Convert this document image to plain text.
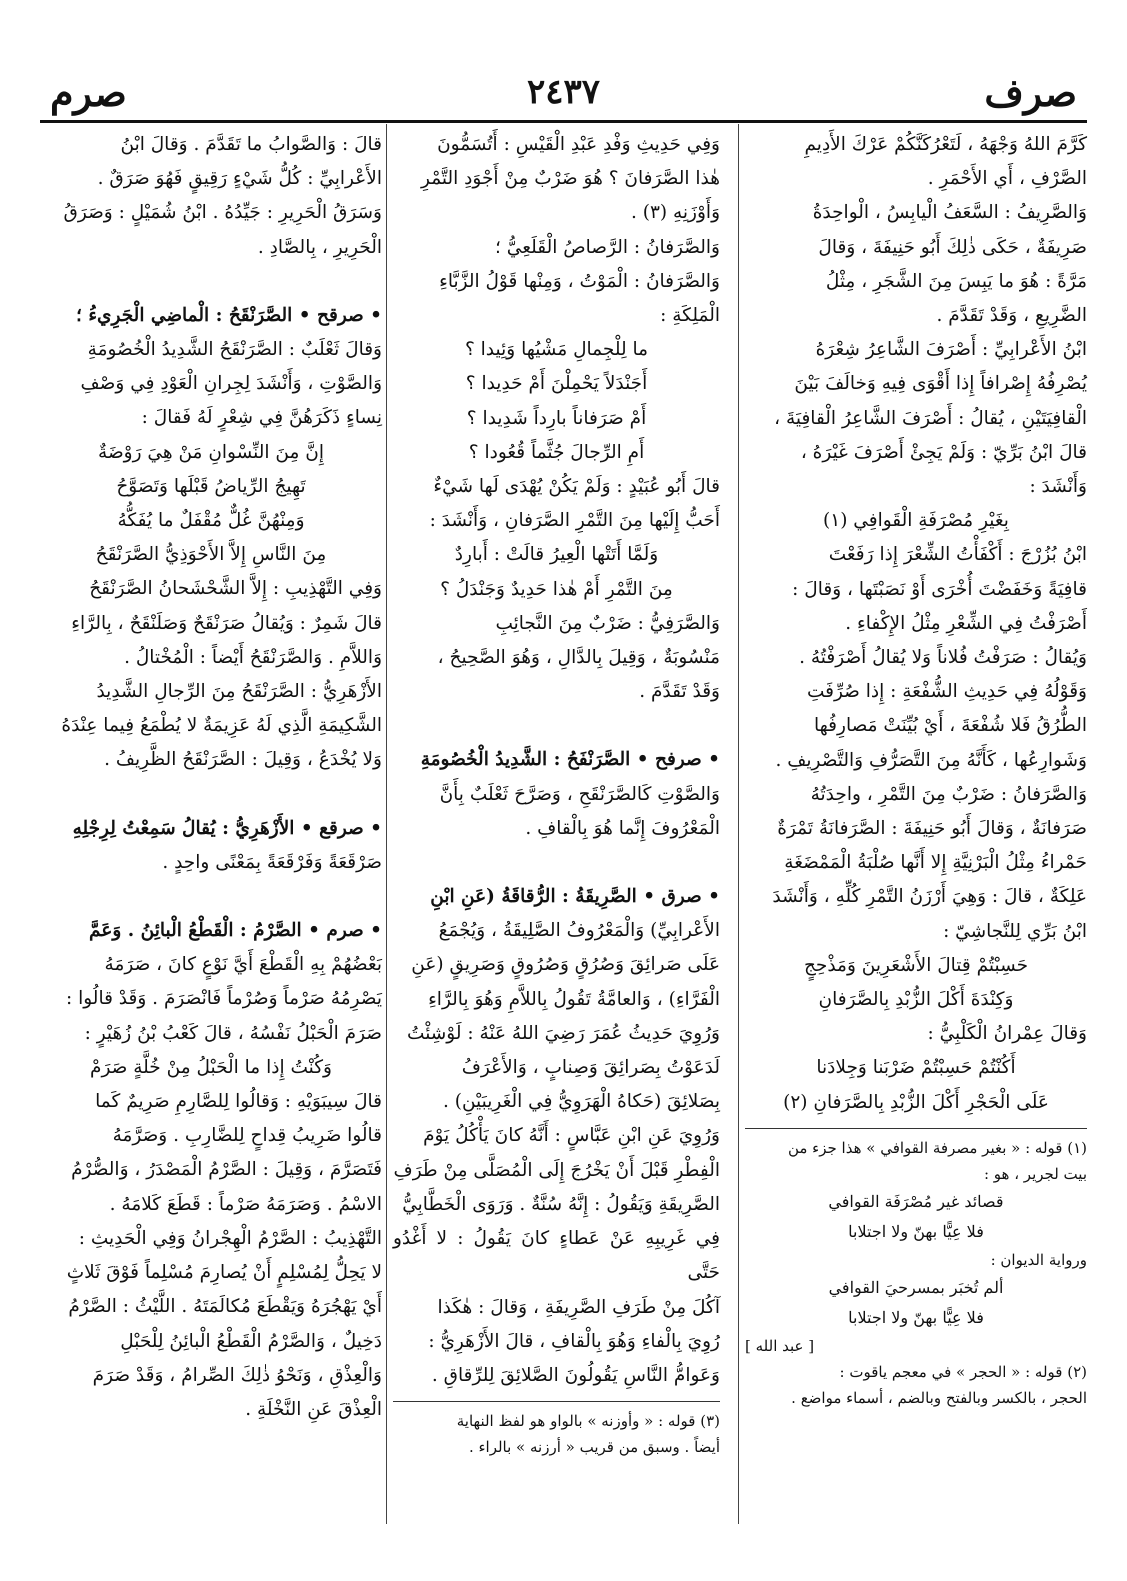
صرم	٢٤٣٧	صرف

كَرَّمَ اللهُ وَجْهَهُ ، لَتَعْرُكَنَّكُمْ عَرْكَ الأَدِيمِ

الصَّرْفِ ، أَي الأَحْمَرِ .

وَالصَّرِيفُ : السَّعَفُ الْيابِسُ ، الْواحِدَةُ

صَرِيفَةٌ ، حَكَى ذٰلِكَ أَبُو حَنِيفَةَ ، وَقالَ

مَرَّةً : هُوَ ما يَبِسَ مِنَ الشَّجَرِ ، مِثْلُ

الضَّرِيعِ ، وَقَدْ تَقَدَّمَ .

ابْنُ الأَعْرابِيِّ : أَصْرَفَ الشَّاعِرُ شِعْرَهُ

يُصْرِفُهُ إِصْرافاً إِذا أَقْوَى فِيهِ وَخالَفَ بَيْنَ

الْقافِيَتَيْنِ ، يُقالُ : أَصْرَفَ الشَّاعِرُ الْقافِيَةَ ،

قالَ ابْنُ بَرِّيّ : وَلَمْ يَجِئْ أَصْرَفَ غَيْرَهُ ،

وَأَنْشَدَ :

بِغَيْرِ مُصْرَفَةِ الْقَوافِي (١)

ابْنُ بُزُرْجَ : أَكْفَأْتُ الشِّعْرَ إِذا رَفَعْتَ

قافِيَةً وَخَفَضْتَ أُخْرَى أَوْ نَصَبْتَها ، وَقالَ :

أَصْرَفْتُ فِي الشِّعْرِ مِثْلُ الإِكْفاءِ .

وَيُقالُ : صَرَفْتُ فُلاناً وَلا يُقالُ أَصْرَفْتُهُ .

وَقَوْلُهُ فِي حَدِيثِ الشُّفْعَةِ : إِذا صُرِّفَتِ

الطُّرُقُ فَلا شُفْعَةَ ، أَيْ بُيِّنَتْ مَصارِفُها

وَشَوارِعُها ، كَأَنَّهُ مِنَ التَّصَرُّفِ وَالتَّصْرِيفِ .

وَالصَّرَفانُ : ضَرْبٌ مِنَ التَّمْرِ ، واحِدَتُهُ

صَرَفانَةٌ ، وَقالَ أَبُو حَنِيفَةَ : الصَّرَفانَةُ تَمْرَةٌ

حَمْراءُ مِثْلُ الْبَرْنِيَّةِ إِلا أَنَّها صُلْبَةُ الْمَمْضَغَةِ

عَلِكَةٌ ، قالَ : وَهِيَ أَرْزَنُ التَّمْرِ كُلِّهِ ، وَأَنْشَدَ

ابْنُ بَرِّي لِلنَّجاشِيّ :

حَسِبْتُمْ قِتالَ الأَشْعَرِينَ وَمَذْحِجٍ

وَكِنْدَةَ أَكْلَ الزُّبْدِ بِالصَّرَفانِ

وَقالَ عِمْرانُ الْكَلْبِيُّ :

أَكُنْتُمْ حَسِبْتُمْ ضَرْبَنا وَجِلادَنا

عَلَى الْحَجْرِ أَكْلَ الزُّبْدِ بِالصَّرَفانِ (٢)

(١) قوله : « بغير مصرفة القوافي » هذا جزء من

بيت لجرير ، هو :

قصائد غير مُصْرَفَة القوافي

فلا عِيًّا بهنّ ولا اجتلابا

ورواية الديوان :

ألم تُخبَر بمسرحيَ القوافي

فلا عِيًّا بهنّ ولا اجتلابا

[ عبد الله ]

(٢) قوله : « الحجر » في معجم ياقوت :

الحجر ، بالكسر وبالفتح وبالضم ، أسماء مواضع .

وَفِي حَدِيثِ وَفْدِ عَبْدِ الْقَيْسِ : أَتُسَمُّونَ

هٰذا الصَّرَفانَ ؟ هُوَ ضَرْبٌ مِنْ أَجْوَدِ التَّمْرِ

وَأَوْزَنِهِ (٣) .

وَالصَّرَفانُ : الرَّصاصُ الْقَلَعِيُّ ؛

وَالصَّرَفانُ : الْمَوْتُ ، وَمِنْها قَوْلُ الزَّبَّاءِ

الْمَلِكَةِ :

ما لِلْجِمالِ مَشْيُها وَئِيدا ؟

أَجَنْدَلاً يَحْمِلْنَ أَمْ حَدِيدا ؟

أَمْ صَرَفاناً بارِداً شَدِيدا ؟

أَمِ الرِّجالَ جُثَّماً قُعُودا ؟

قالَ أَبُو عُبَيْدٍ : وَلَمْ يَكُنْ يُهْدَى لَها شَيْءٌ

أَحَبُّ إِلَيْها مِنَ التَّمْرِ الصَّرَفانِ ، وَأَنْشَدَ :

وَلَمَّا أَتَتْها الْعِيرُ قالَتْ : أَبارِدٌ

مِنَ التَّمْرِ أَمْ هٰذا حَدِيدٌ وَجَنْدَلُ ؟

وَالصَّرَفِيُّ : ضَرْبٌ مِنَ النَّجائِبِ

مَنْسُوبَةٌ ، وَقِيلَ بِالدَّالِ ، وَهُوَ الصَّحِيحُ ،

وَقَدْ تَقَدَّمَ .

• صرفح • الصَّرَنْفَحُ : الشَّدِيدُ الْخُصُومَةِ

وَالصَّوْتِ كَالصَّرَنْقَحِ ، وَصَرَّحَ ثَعْلَبٌ بِأَنَّ

الْمَعْرُوفَ إِنَّما هُوَ بِالْقافِ .

• صرق • الصَّرِيقَةُ : الرُّقاقَةُ (عَنِ ابْنِ

الأَعْرابِيِّ) وَالْمَعْرُوفُ الصَّلِيقَةُ ، وَيُجْمَعُ

عَلَى صَرائِقَ وَصُرُقٍ وَصُرُوقٍ وَصَرِيقٍ (عَنِ

الْفَرَّاءِ) ، وَالعامَّةُ تَقُولُ بِاللاَّمِ وَهُوَ بِالرَّاءِ

وَرُوِيَ حَدِيثُ عُمَرَ رَضِيَ اللهُ عَنْهُ : لَوْشِئْتُ

لَدَعَوْتُ بِصَرائِقَ وَصِنابٍ ، وَالأَعْرَفُ

بِصَلائِقَ (حَكاهُ الْهَرَوِيُّ فِي الْغَرِيبَيْنِ) .

وَرُوِيَ عَنِ ابْنِ عَبَّاسٍ : أَنَّهُ كانَ يَأْكُلُ يَوْمَ

الْفِطْرِ قَبْلَ أَنْ يَخْرُجَ إِلَى الْمُصَلَّى مِنْ طَرَفِ

الصَّرِيقَةِ وَيَقُولُ : إِنَّهُ سُنَّةٌ . وَرَوَى الْخَطَّابِيُّ

فِي غَرِيبِهِ عَنْ عَطاءٍ كانَ يَقُولُ : لا أَغْدُو حَتَّى

آكُلَ مِنْ طَرَفِ الصَّرِيفَةِ ، وَقالَ : هٰكَذا

رُوِيَ بِالْفاءِ وَهُوَ بِالْقافِ ، قالَ الأَزْهَرِيُّ :

وَعَوامُّ النَّاسِ يَقُولُونَ الصَّلائِقَ لِلرِّقاقِ .

(٣) قوله : « وأوزنه » بالواو هو لفظ النهاية

أيضاً . وسبق من قريب « أرزنه » بالراء .

قالَ : وَالصَّوابُ ما تَقَدَّمَ . وَقالَ ابْنُ

الأَعْرابِيِّ : كُلُّ شَيْءٍ رَقِيقٍ فَهُوَ صَرَقٌ .

وَسَرَقُ الْحَرِيرِ : جَيِّدُهُ . ابْنُ شُمَيْلٍ : وَصَرَقُ

الْحَرِيرِ ، بِالصَّادِ .

• صرقح • الصَّرَنْقَحُ : الْماضِي الْجَرِيءُ ؛

وَقالَ ثَعْلَبٌ : الصَّرَنْقَحُ الشَّدِيدُ الْخُصُومَةِ

وَالصَّوْتِ ، وَأَنْشَدَ لِجِرانِ الْعَوْدِ فِي وَصْفِ

نِساءٍ ذَكَرَهُنَّ فِي شِعْرٍ لَهُ فَقالَ :

إِنَّ مِنَ النِّسْوانِ مَنْ هِيَ رَوْضَةٌ

تَهِيجُ الرِّياضُ قَبْلَها وَتَصَوَّحُ

وَمِنْهُنَّ غُلٌّ مُقْفَلٌ ما يُفَكُّهُ

مِنَ النَّاسِ إِلاَّ الأَحْوَذِيُّ الصَّرَنْقَحُ

وَفِي التَّهْذِيبِ : إِلاَّ الشَّحْشَحانُ الصَّرَنْقَحُ

قالَ شَمِرٌ : وَيُقالُ صَرَنْقَحٌ وَصَلَنْقَحٌ ، بِالرَّاءِ

وَاللاَّمِ . وَالصَّرَنْقَحُ أَيْضاً : الْمُخْتالُ .

الأَزْهَرِيُّ : الصَّرَنْقَحُ مِنَ الرِّجالِ الشَّدِيدُ

الشَّكِيمَةِ الَّذِي لَهُ عَزِيمَةٌ لا يُطْمَعُ فِيما عِنْدَهُ

وَلا يُخْدَعُ ، وَقِيلَ : الصَّرَنْقَحُ الظَّرِيفُ .

• صرقع • الأَزْهَرِيُّ : يُقالُ سَمِعْتُ لِرِجْلِهِ

صَرْقَعَةً وَفَرْقَعَةً بِمَعْنًى واحِدٍ .

• صرم • الصَّرْمُ : الْقَطْعُ الْبائِنُ . وَعَمَّ

بَعْضُهُمْ بِهِ الْقَطْعَ أَيَّ نَوْعٍ كانَ ، صَرَمَهُ

يَصْرِمُهُ صَرْماً وَصُرْماً فَانْصَرَمَ . وَقَدْ قالُوا :

صَرَمَ الْحَبْلُ نَفْسُهُ ، قالَ كَعْبُ بْنُ زُهَيْرٍ :

وَكُنْتُ إِذا ما الْحَبْلُ مِنْ خُلَّةٍ صَرَمْ

قالَ سِيبَوَيْهِ : وَقالُوا لِلصَّارِمِ صَرِيمٌ كَما

قالُوا ضَرِيبُ قِداحٍ لِلضَّارِبِ . وَصَرَّمَهُ

فَتَصَرَّمَ ، وَقِيلَ : الصَّرْمُ الْمَصْدَرُ ، وَالصُّرْمُ

الاسْمُ . وَصَرَمَهُ صَرْماً : قَطَعَ كَلامَهُ .

التَّهْذِيبُ : الصَّرْمُ الْهِجْرانُ وَفِي الْحَدِيثِ :

لا يَحِلُّ لِمُسْلِمٍ أَنْ يُصارِمَ مُسْلِماً فَوْقَ ثَلاثٍ

أَيْ يَهْجُرَهُ وَيَقْطَعَ مُكالَمَتَهُ . اللَّيْثُ : الصَّرْمُ

دَخِيلٌ ، وَالصَّرْمُ الْقَطْعُ الْبائِنُ لِلْحَبْلِ

وَالْعِذْقِ ، وَنَحْوُ ذٰلِكَ الصِّرامُ ، وَقَدْ صَرَمَ

الْعِذْقَ عَنِ النَّخْلَةِ .
